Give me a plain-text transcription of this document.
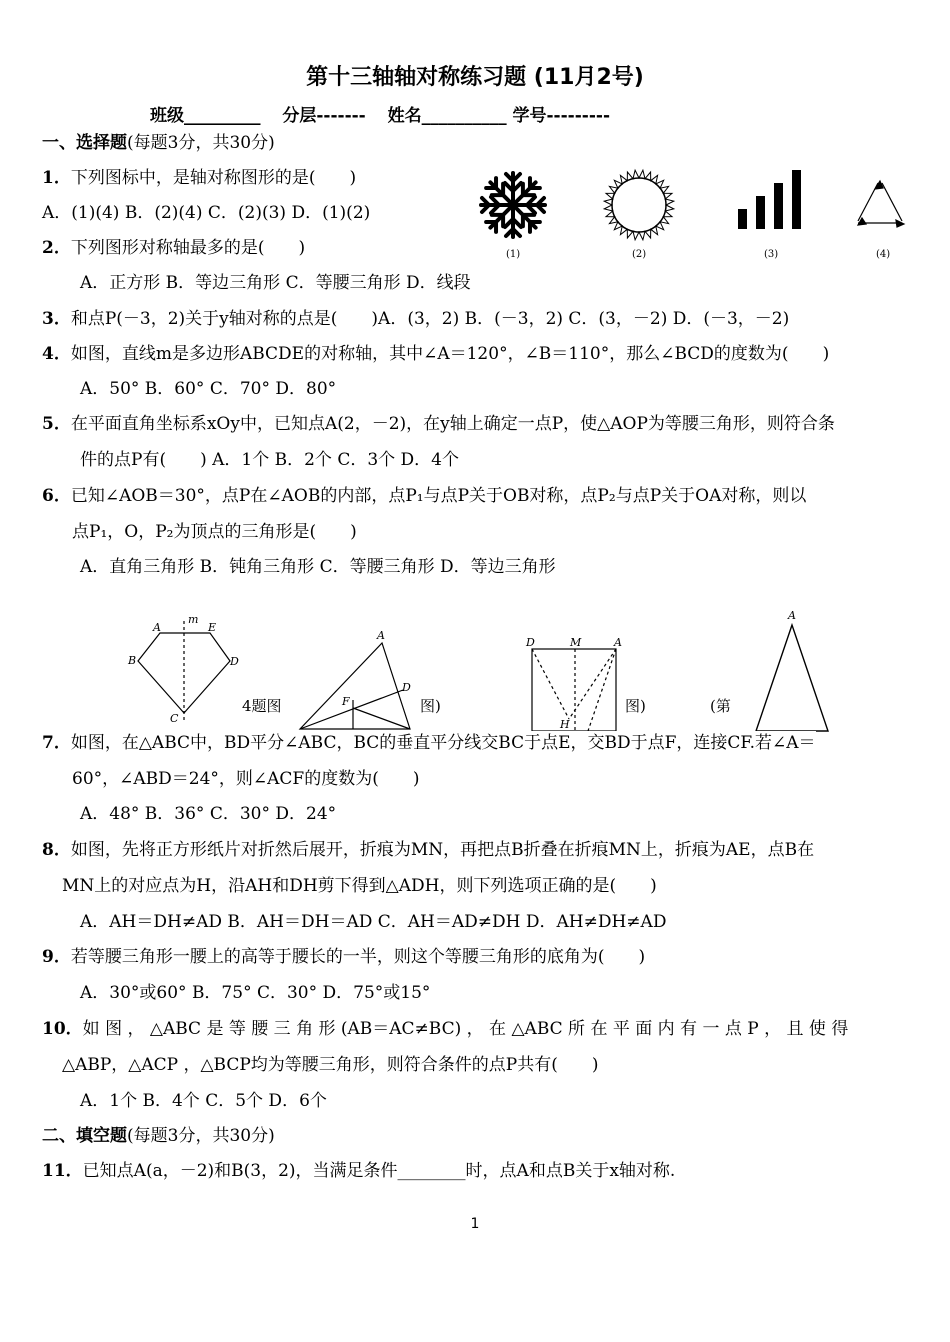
第十三轴轴对称练习题 (11月2号)
班级_________ 分层------- 姓名__________ 学号---------
一、选择题(每题3分，共30分)
1．下列图标中，是轴对称图形的是(　　)
A．(1)(4) B．(2)(4) C．(2)(3) D．(1)(2)
(1)	(2)	(3)	(4)
2．下列图形对称轴最多的是(　　)
A．正方形 B．等边三角形 C．等腰三角形 D．线段
3．和点P(－3，2)关于y轴对称的点是(　　)A．(3，2) B．(－3，2) C．(3，－2) D．(－3，－2)
4．如图，直线m是多边形ABCDE的对称轴，其中∠A＝120°，∠B＝110°，那么∠BCD的度数为(　　)
A．50° B．60° C．70° D．80°
5．在平面直角坐标系xOy中，已知点A(2，－2)，在y轴上确定一点P，使△AOP为等腰三角形，则符合条
件的点P有(　　) A．1个 B．2个 C．3个 D．4个
6．已知∠AOB＝30°，点P在∠AOB的内部，点P₁与点P关于OB对称，点P₂与点P关于OA对称，则以
点P₁，O，P₂为顶点的三角形是(　　)
A．直角三角形 B．钝角三角形 C．等腰三角形 D．等边三角形
A
m
E
B	D
C
A
D
F
D	M	A
H
A
4题图	图)	图)	(第
7．如图，在△ABC中，BD平分∠ABC，BC的垂直平分线交BC于点E，交BD于点F，连接CF.若∠A＝
60°，∠ABD＝24°，则∠ACF的度数为(　　)
A．48° B．36° C．30° D．24°
8．如图，先将正方形纸片对折然后展开，折痕为MN，再把点B折叠在折痕MN上，折痕为AE，点B在
MN上的对应点为H，沿AH和DH剪下得到△ADH，则下列选项正确的是(　　)
A．AH＝DH≠AD B．AH＝DH＝AD C．AH＝AD≠DH D．AH≠DH≠AD
9．若等腰三角形一腰上的高等于腰长的一半，则这个等腰三角形的底角为(　　)
A．30°或60° B．75° C．30° D．75°或15°
10．如 图 ， △ABC 是 等 腰 三 角 形 (AB＝AC≠BC) ， 在 △ABC 所 在 平 面 内 有 一 点 P ， 且 使 得
△ABP，△ACP ，△BCP均为等腰三角形，则符合条件的点P共有(　　)
A．1个 B．4个 C．5个 D．6个
二、填空题(每题3分，共30分)
11．已知点A(a，－2)和B(3，2)，当满足条件________时，点A和点B关于x轴对称.
1
